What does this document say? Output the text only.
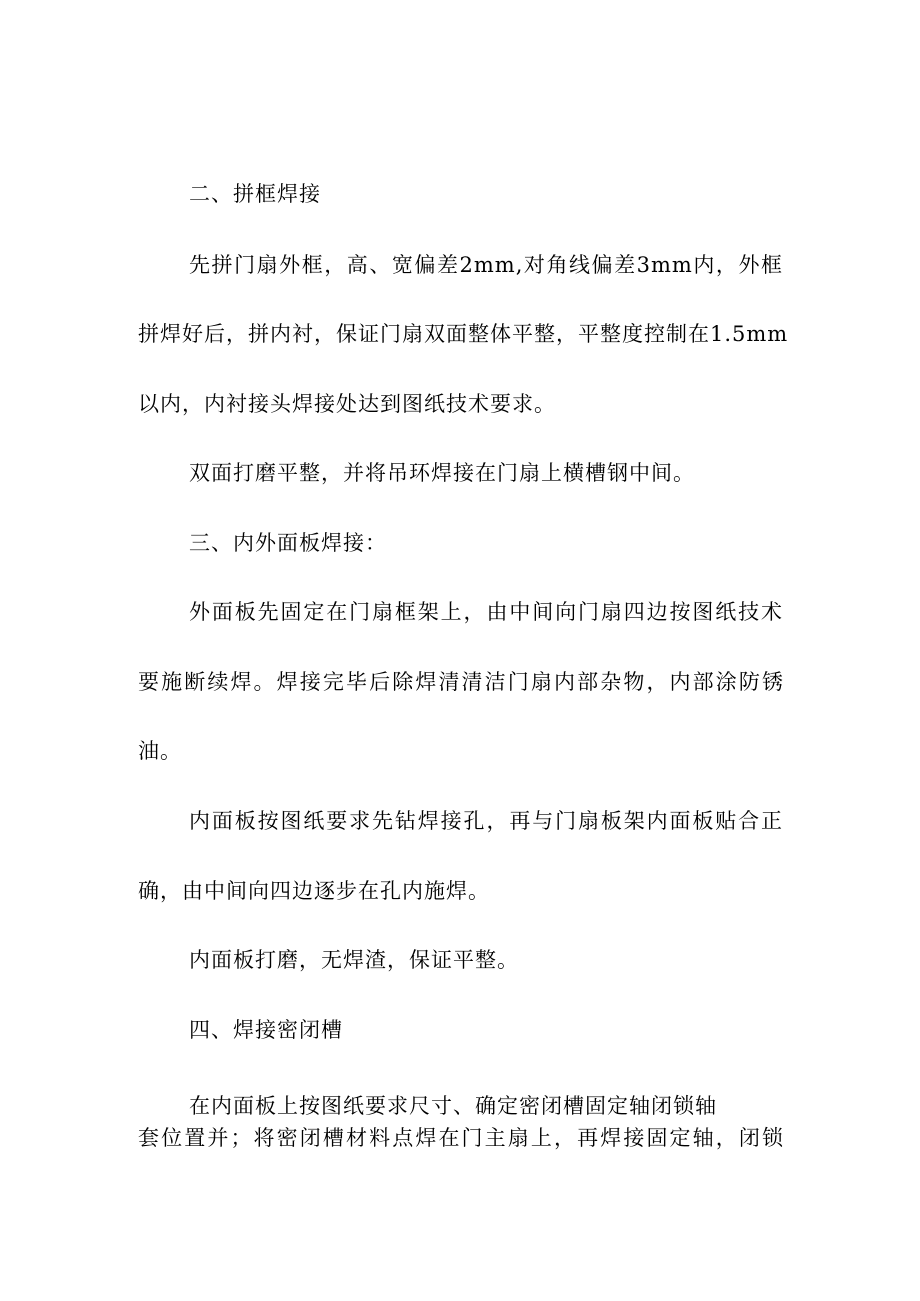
二、拼框焊接
先拼门扇外框，高、宽偏差2mm,对角线偏差3mm内，外框
拼焊好后，拼内衬，保证门扇双面整体平整，平整度控制在1.5mm
以内，内衬接头焊接处达到图纸技术要求。
双面打磨平整，并将吊环焊接在门扇上横槽钢中间。
三、内外面板焊接：
外面板先固定在门扇框架上，由中间向门扇四边按图纸技术
要施断续焊。焊接完毕后除焊清清洁门扇内部杂物，内部涂防锈
油。
内面板按图纸要求先钻焊接孔，再与门扇板架内面板贴合正
确，由中间向四边逐步在孔内施焊。
内面板打磨，无焊渣，保证平整。
四、焊接密闭槽
在内面板上按图纸要求尺寸、确定密闭槽固定轴闭锁轴
套位置并；将密闭槽材料点焊在门主扇上，再焊接固定轴，闭锁
